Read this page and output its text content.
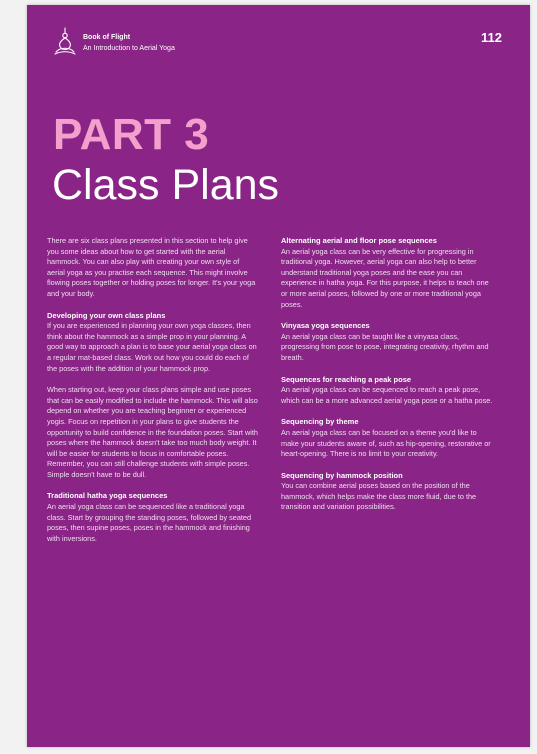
Book of Flight
An Introduction to Aerial Yoga
112
PART 3
Class Plans

There are six class plans presented in this section to help give you some ideas about how to get started with the aerial hammock. You can also play with creating your own style of aerial yoga as you practise each sequence. This might involve flowing poses together or holding poses for longer. It's your yoga and your body.

Developing your own class plans

If you are experienced in planning your own yoga classes, then think about the hammock as a simple prop in your planning. A good way to approach a plan is to base your aerial yoga class on a regular mat-based class. Work out how you could do each of the poses with the addition of your hammock prop.

When starting out, keep your class plans simple and use poses that can be easily modified to include the hammock. This will also depend on whether you are teaching beginner or experienced yogis. Focus on repetition in your plans to give students the opportunity to build confidence in the foundation poses. Start with poses where the hammock doesn't take too much body weight. It will be easier for students to focus in comfortable poses. Remember, you can still challenge students with simple poses. Simple doesn't have to be dull.

Traditional hatha yoga sequences

An aerial yoga class can be sequenced like a traditional yoga class. Start by grouping the standing poses, followed by seated poses, then supine poses, poses in the hammock and finishing with inversions.

Alternating aerial and floor pose sequences

An aerial yoga class can be very effective for progressing in traditional yoga. However, aerial yoga can also help to better understand traditional yoga poses and the ease you can experience in hatha yoga. For this purpose, it helps to teach one or more aerial poses, followed by one or more traditional yoga poses.

Vinyasa yoga sequences

An aerial yoga class can be taught like a vinyasa class, progressing from pose to pose, integrating creativity, rhythm and breath.

Sequences for reaching a peak pose

An aerial yoga class can be sequenced to reach a peak pose, which can be a more advanced aerial yoga pose or a hatha pose.

Sequencing by theme

An aerial yoga class can be focused on a theme you'd like to make your students aware of, such as hip-opening, restorative or heart-opening. There is no limit to your creativity.

Sequencing by hammock position

You can combine aerial poses based on the position of the hammock, which helps make the class more fluid, due to the transition and variation possibilities.
